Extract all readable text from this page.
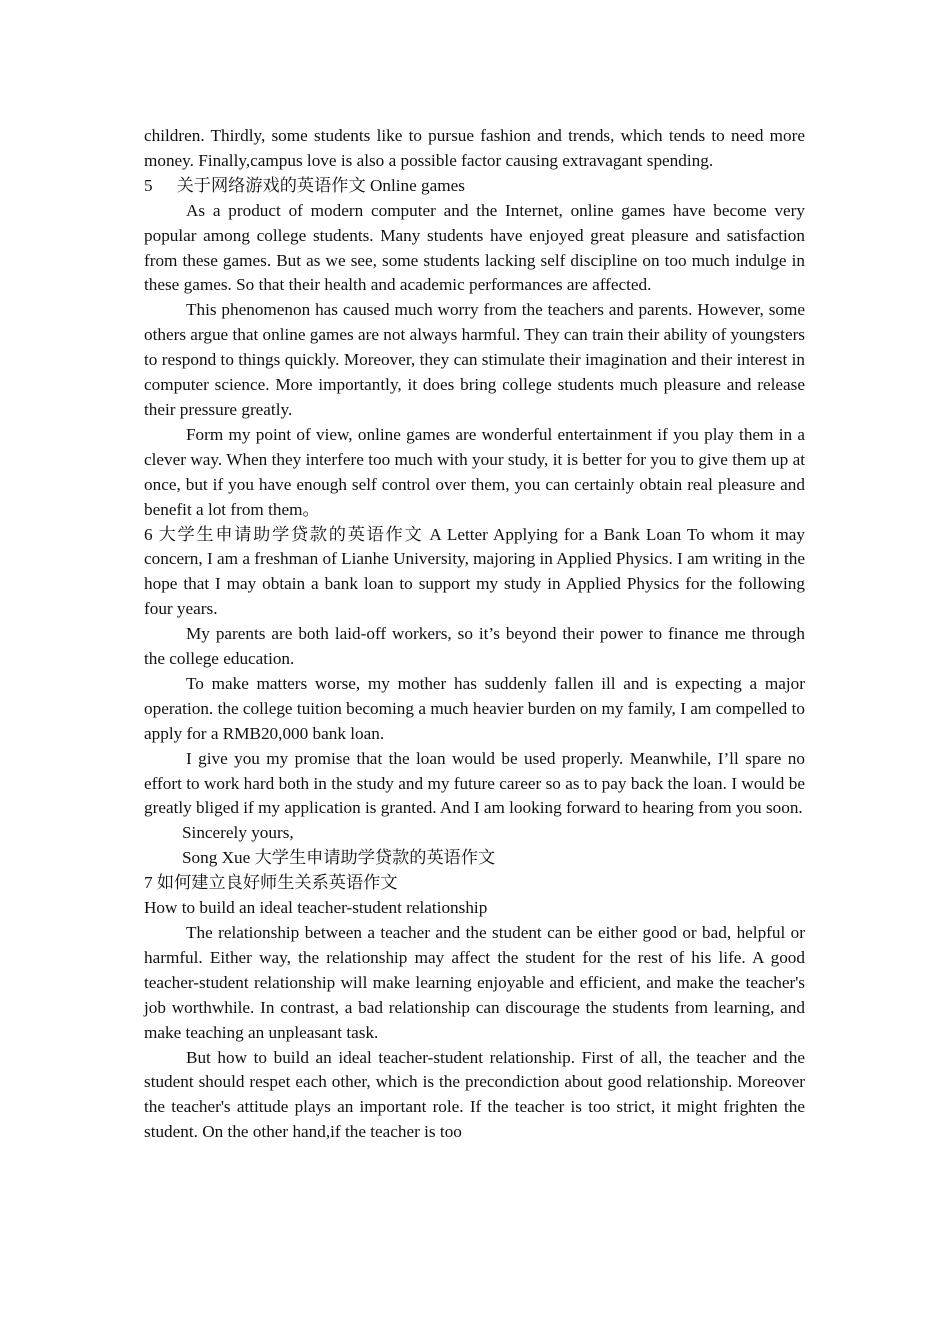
children. Thirdly, some students like to pursue fashion and trends, which tends to need more money. Finally,campus love is also a possible factor causing extravagant spending.

5 关于网络游戏的英语作文 Online games

As a product of modern computer and the Internet, online games have become very popular among college students. Many students have enjoyed great pleasure and satisfaction from these games. But as we see, some students lacking self discipline on too much indulge in these games. So that their health and academic performances are affected.

This phenomenon has caused much worry from the teachers and parents. However, some others argue that online games are not always harmful. They can train their ability of youngsters to respond to things quickly. Moreover, they can stimulate their imagination and their interest in computer science. More importantly, it does bring college students much pleasure and release their pressure greatly.

Form my point of view, online games are wonderful entertainment if you play them in a clever way. When they interfere too much with your study, it is better for you to give them up at once, but if you have enough self control over them, you can certainly obtain real pleasure and benefit a lot from them。

6 大学生申请助学贷款的英语作文 A Letter Applying for a Bank Loan To whom it may concern, I am a freshman of Lianhe University, majoring in Applied Physics. I am writing in the hope that I may obtain a bank loan to support my study in Applied Physics for the following four years.

My parents are both laid-off workers, so it’s beyond their power to finance me through the college education.

To make matters worse, my mother has suddenly fallen ill and is expecting a major operation. the college tuition becoming a much heavier burden on my family, I am compelled to apply for a RMB20,000 bank loan.

I give you my promise that the loan would be used properly. Meanwhile, I’ll spare no effort to work hard both in the study and my future career so as to pay back the loan. I would be greatly bliged if my application is granted. And I am looking forward to hearing from you soon.

Sincerely yours,

Song Xue 大学生申请助学贷款的英语作文

7 如何建立良好师生关系英语作文

How to build an ideal teacher-student relationship

The relationship between a teacher and the student can be either good or bad, helpful or harmful. Either way, the relationship may affect the student for the rest of his life. A good teacher-student relationship will make learning enjoyable and efficient, and make the teacher's job worthwhile. In contrast, a bad relationship can discourage the students from learning, and make teaching an unpleasant task.

But how to build an ideal teacher-student relationship. First of all, the teacher and the student should respet each other, which is the precondiction about good relationship. Moreover the teacher's attitude plays an important role. If the teacher is too strict, it might frighten the student. On the other hand,if the teacher is too
